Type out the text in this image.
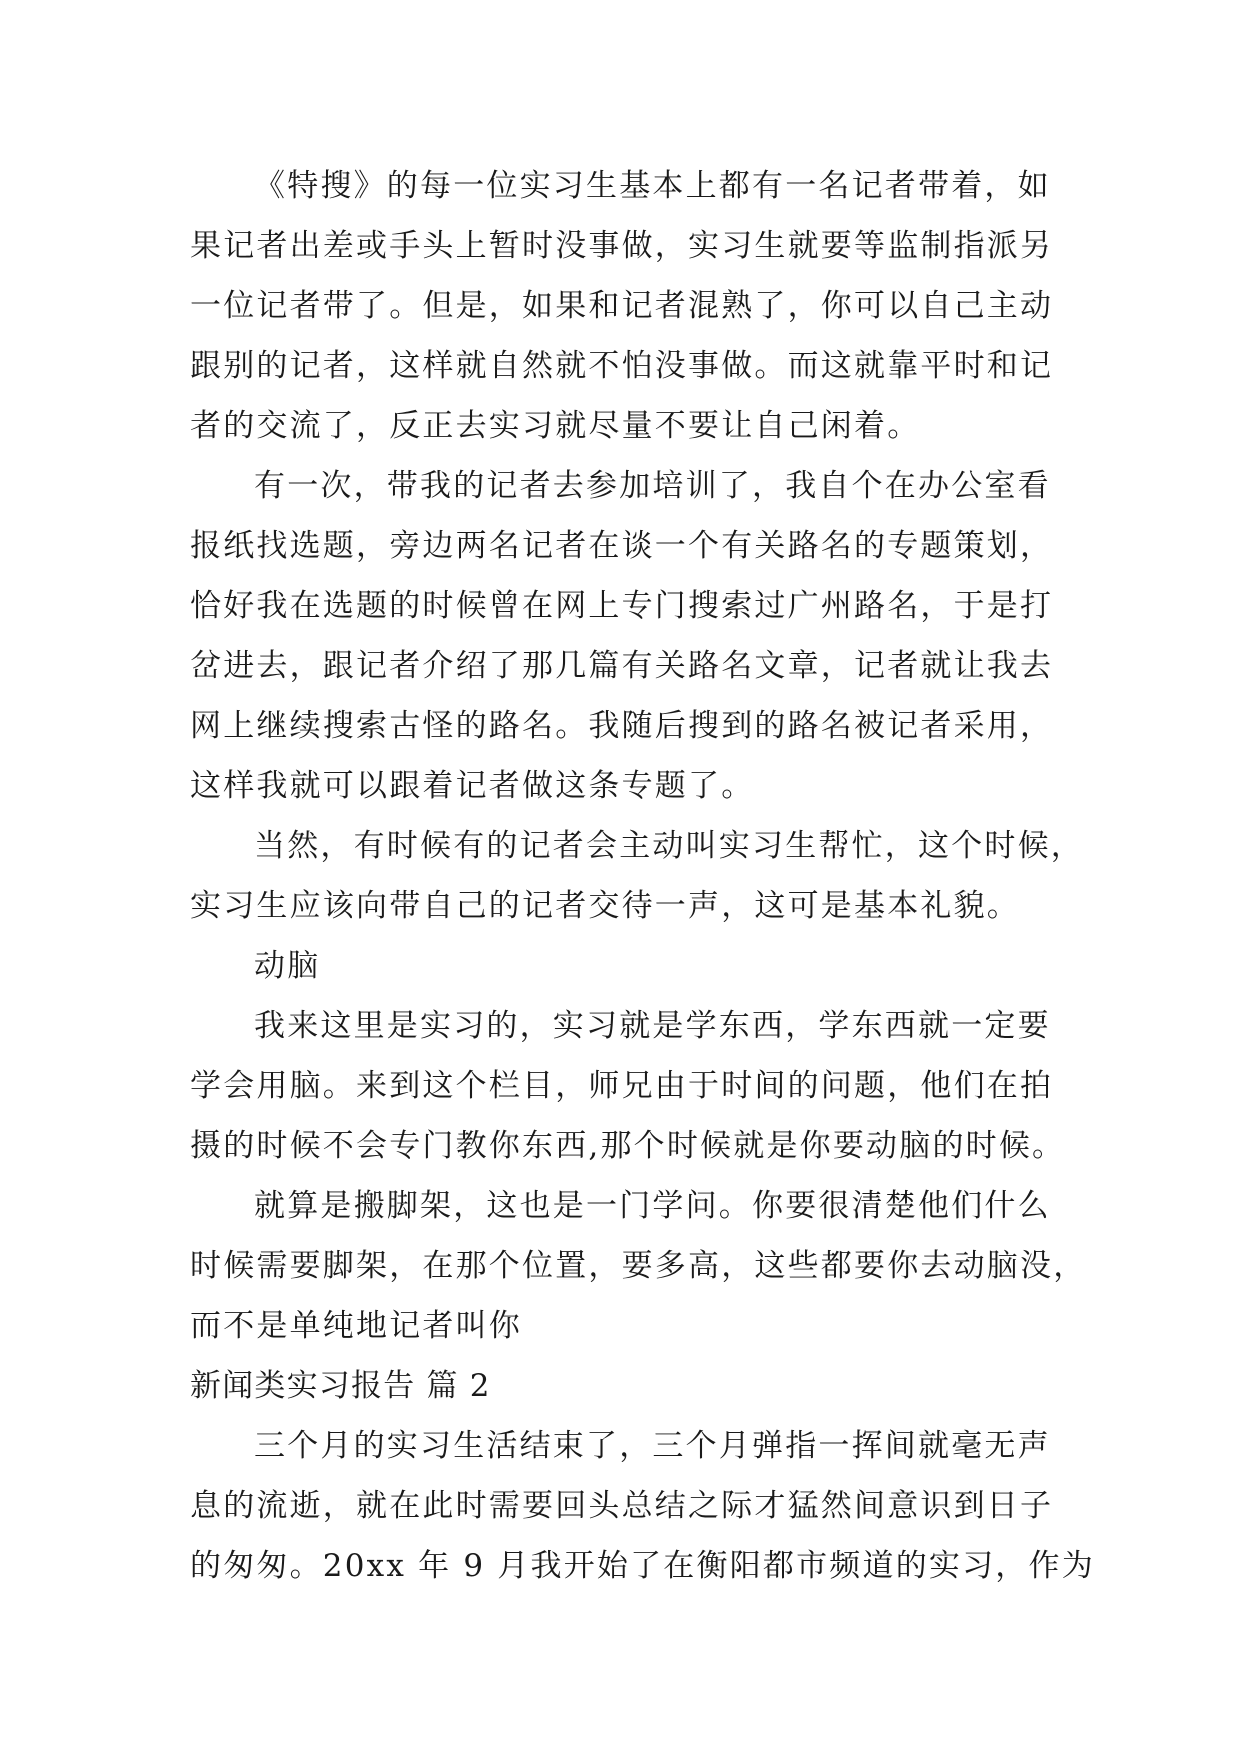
《特搜》的每一位实习生基本上都有一名记者带着，如

果记者出差或手头上暂时没事做，实习生就要等监制指派另

一位记者带了。但是，如果和记者混熟了，你可以自己主动

跟别的记者，这样就自然就不怕没事做。而这就靠平时和记

者的交流了，反正去实习就尽量不要让自己闲着。

有一次，带我的记者去参加培训了，我自个在办公室看

报纸找选题，旁边两名记者在谈一个有关路名的专题策划，

恰好我在选题的时候曾在网上专门搜索过广州路名，于是打

岔进去，跟记者介绍了那几篇有关路名文章，记者就让我去

网上继续搜索古怪的路名。我随后搜到的路名被记者采用，

这样我就可以跟着记者做这条专题了。

当然，有时候有的记者会主动叫实习生帮忙，这个时候，

实习生应该向带自己的记者交待一声，这可是基本礼貌。

动脑

我来这里是实习的，实习就是学东西，学东西就一定要

学会用脑。来到这个栏目，师兄由于时间的问题，他们在拍

摄的时候不会专门教你东西,那个时候就是你要动脑的时候。

就算是搬脚架，这也是一门学问。你要很清楚他们什么

时候需要脚架，在那个位置，要多高，这些都要你去动脑没，

而不是单纯地记者叫你

新闻类实习报告 篇 2

三个月的实习生活结束了，三个月弹指一挥间就毫无声

息的流逝，就在此时需要回头总结之际才猛然间意识到日子

的匆匆。20xx 年 9 月我开始了在衡阳都市频道的实习，作为
